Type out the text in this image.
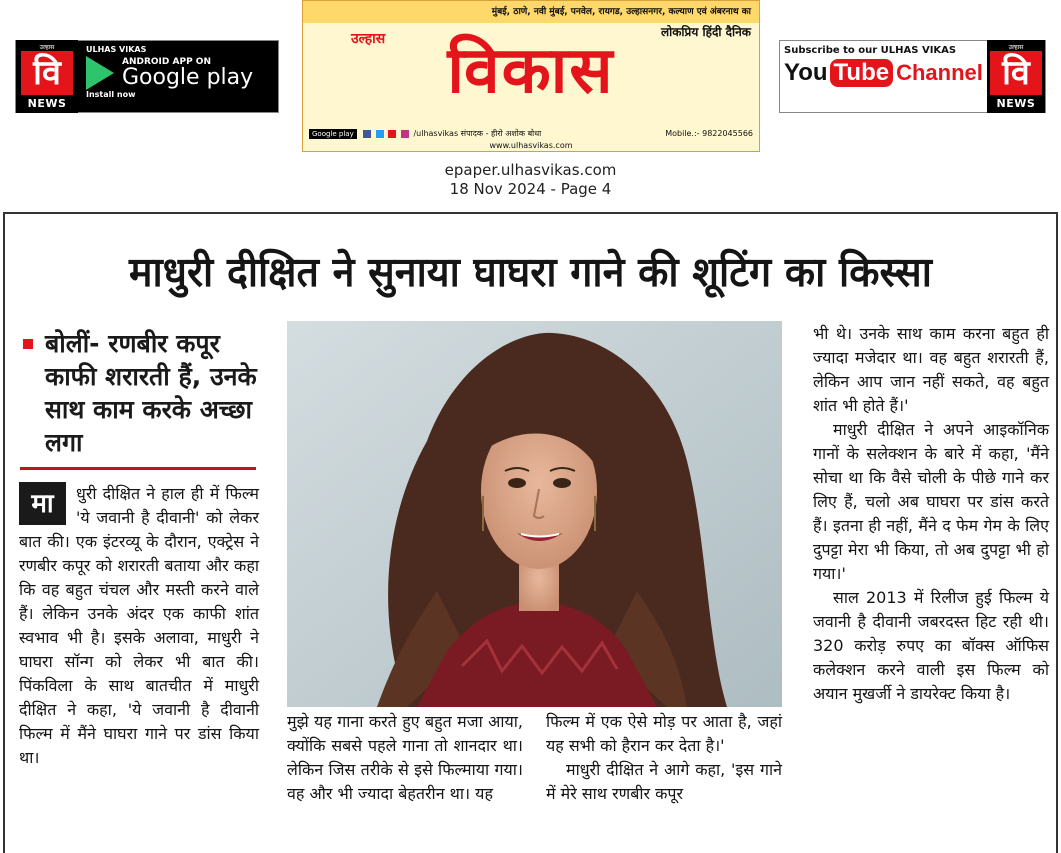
उल्हास
वि
NEWS
ULHAS VIKAS
ANDROID APP ON
Google play
Install now
मुंबई, ठाणे, नवी मुंबई, पनवेल, रायगड, उल्हासनगर, कल्याण एवं अंबरनाथ का
लोकप्रिय हिंदी दैनिक
उल्हास विकास
Google play	/ulhasvikas संपादक - हीरो अशोक बोधा	Mobile.:- 9822045566
www.ulhasvikas.com
Subscribe to our ULHAS VIKAS
You Tube Channel
उल्हास
वि
NEWS
epaper.ulhasvikas.com
18 Nov 2024 - Page 4
माधुरी दीक्षित ने सुनाया घाघरा गाने की शूटिंग का किस्सा
बोलीं- रणबीर कपूर काफी शरारती हैं, उनके साथ काम करके अच्छा लगा
मा	धुरी दीक्षित ने हाल ही में फिल्म 'ये जवानी है दीवानी' को लेकर बात की। एक इंटरव्यू के दौरान, एक्ट्रेस ने रणबीर कपूर को शरारती बताया और कहा कि वह बहुत चंचल और मस्ती करने वाले हैं। लेकिन उनके अंदर एक काफी शांत स्वभाव भी है। इसके अलावा, माधुरी ने घाघरा सॉन्ग को लेकर भी बात की। पिंकविला के साथ बातचीत में माधुरी दीक्षित ने कहा, 'ये जवानी है दीवानी फिल्म में मैंने घाघरा गाने पर डांस किया था।

मुझे यह गाना करते हुए बहुत मजा आया, क्योंकि सबसे पहले गाना तो शानदार था। लेकिन जिस तरीके से इसे फिल्माया गया। वह और भी ज्यादा बेहतरीन था। यह

फिल्म में एक ऐसे मोड़ पर आता है, जहां यह सभी को हैरान कर देता है।'

माधुरी दीक्षित ने आगे कहा, 'इस गाने में मेरे साथ रणबीर कपूर

भी थे। उनके साथ काम करना बहुत ही ज्यादा मजेदार था। वह बहुत शरारती हैं, लेकिन आप जान नहीं सकते, वह बहुत शांत भी होते हैं।'

माधुरी दीक्षित ने अपने आइकॉनिक गानों के सलेक्शन के बारे में कहा, 'मैंने सोचा था कि वैसे चोली के पीछे गाने कर लिए हैं, चलो अब घाघरा पर डांस करते हैं। इतना ही नहीं, मैंने द फेम गेम के लिए दुपट्टा मेरा भी किया, तो अब दुपट्टा भी हो गया।'

साल 2013 में रिलीज हुई फिल्म ये जवानी है दीवानी जबरदस्त हिट रही थी। 320 करोड़ रुपए का बॉक्स ऑफिस कलेक्शन करने वाली इस फिल्म को अयान मुखर्जी ने डायरेक्ट किया है।
